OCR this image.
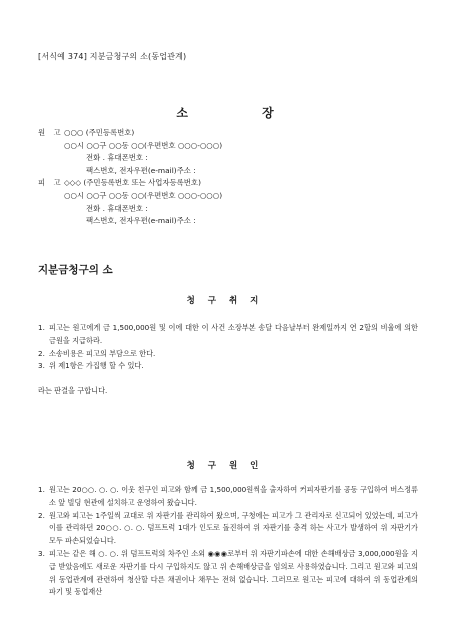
[서식예 374] 지분금청구의 소(동업관계)
소 장
원 고 ○○○ (주민등록번호)
○○시 ○○구 ○○동 ○○(우편번호 ○○○-○○○)
전화 . 휴대폰번호 :
팩스번호, 전자우편(e-mail)주소 :
피 고 ◇◇◇ (주민등록번호 또는 사업자등록번호)
○○시 ○○구 ○○동 ○○(우편번호 ○○○-○○○)
전화 . 휴대폰번호 :
팩스번호, 전자우편(e-mail)주소 :
지분금청구의 소
청 구 취 지
1. 피고는 원고에게 금 1,500,000원 및 이에 대한 이 사건 소장부본 송달 다음날부터 완제일까지 연 2할의 비율에 의한 금원을 지급하라.
2. 소송비용은 피고의 부담으로 한다.
3. 위 제1항은 가집행 할 수 있다.
라는 판결을 구합니다.
청 구 원 인
1. 원고는 20○○. ○. ○. 이웃 친구인 피고와 함께 금 1,500,000원씩을 출자하여 커피자판기를 공동 구입하여 버스정류소 앞 빌딩 현관에 설치하고 운영하여 왔습니다.
2. 원고와 피고는 1주일씩 교대로 위 자판기를 관리하여 왔으며, 구청에는 피고가 그 관리자로 신고되어 있었는데, 피고가 이를 관리하던 20○○. ○. ○. 덤프트럭 1대가 인도로 돌진하여 위 자판기를 충격 하는 사고가 발생하여 위 자판기가 모두 파손되었습니다.
3. 피고는 같은 해 ○. ○. 위 덤프트럭의 차주인 소외 ◉◉◉로부터 위 자판기파손에 대한 손해배상금 3,000,000원을 지급 받았음에도 새로운 자판기를 다시 구입하지도 않고 위 손해배상금을 임의로 사용하였습니다. 그리고 원고와 피고의 위 동업관계에 관련하여 청산할 다른 채권이나 채무는 전혀 없습니다. 그러므로 원고는 피고에 대하여 위 동업관계의 파기 및 동업재산
